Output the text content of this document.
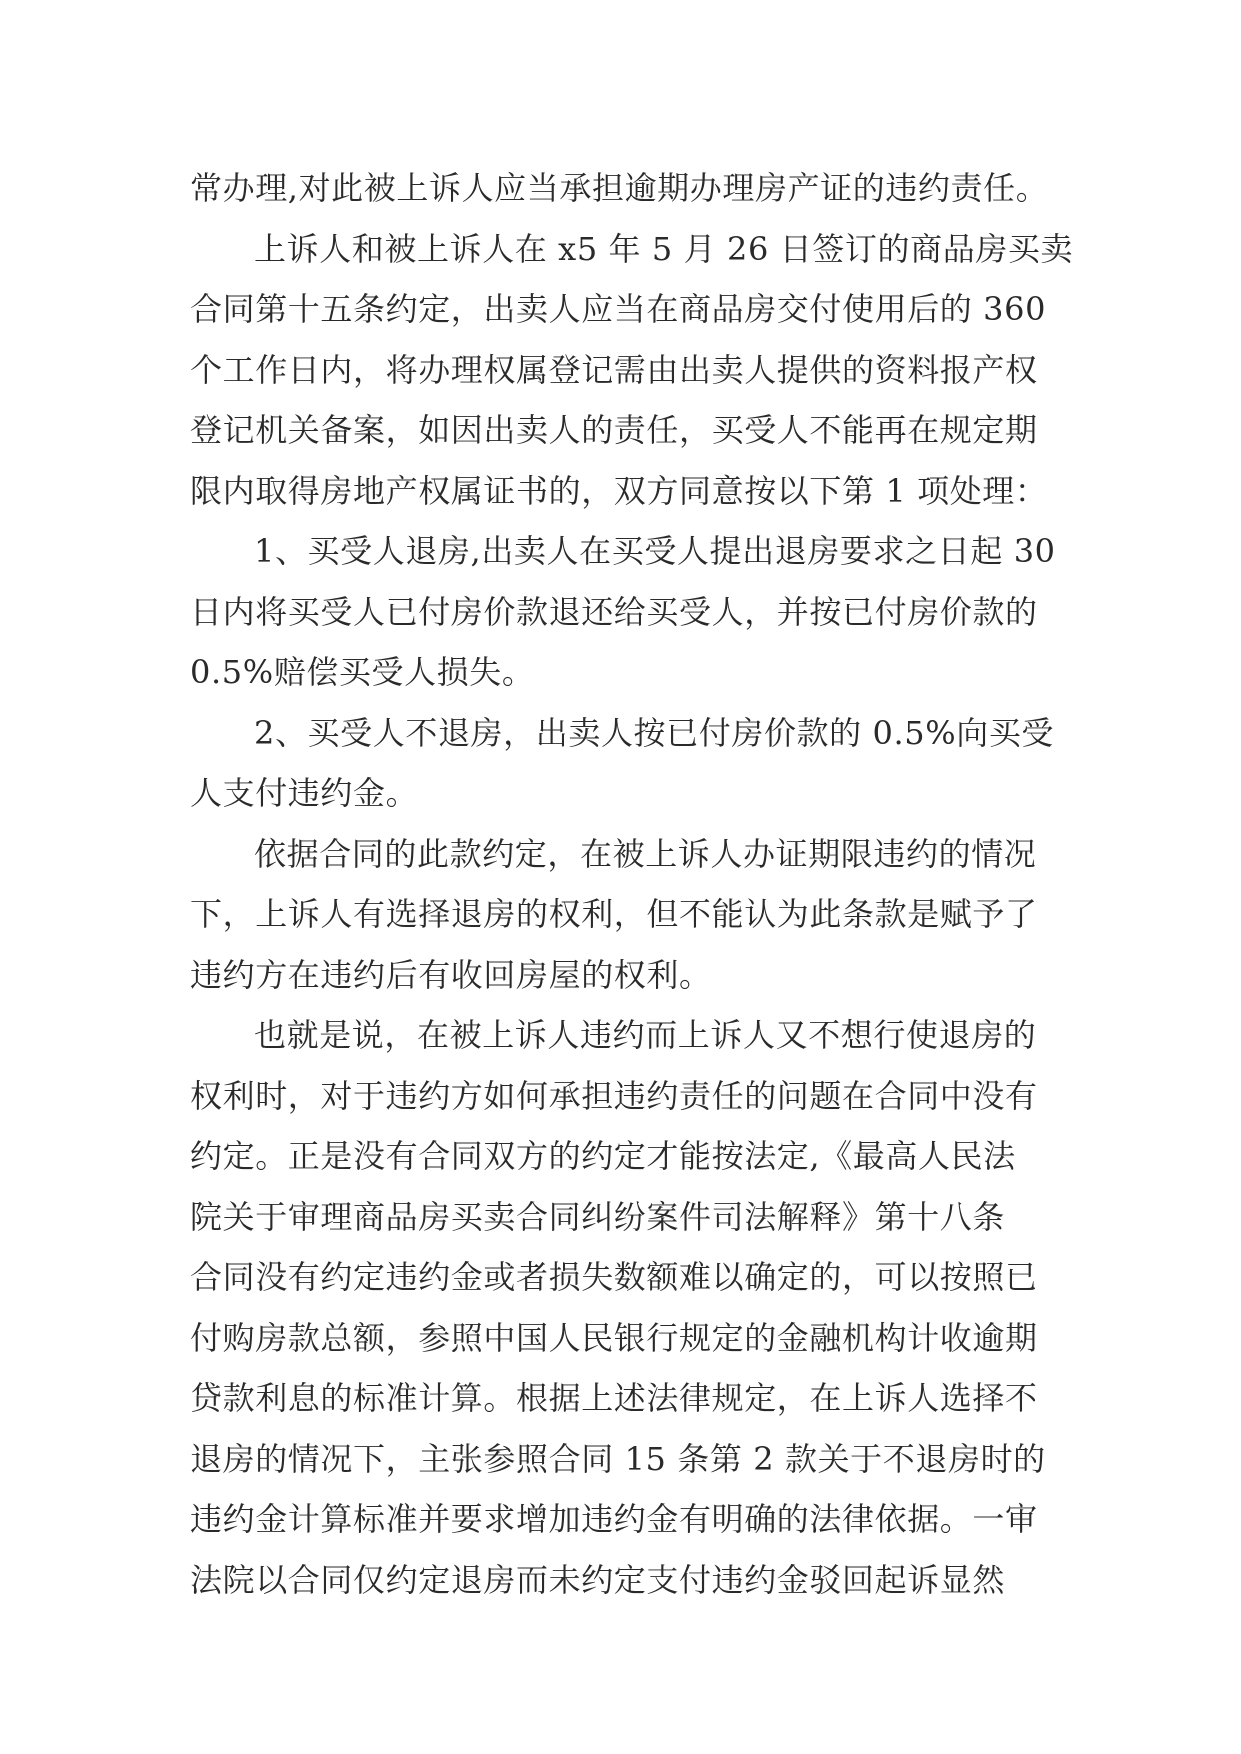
常办理,对此被上诉人应当承担逾期办理房产证的违约责任。

上诉人和被上诉人在 x5 年 5 月 26 日签订的商品房买卖

合同第十五条约定，出卖人应当在商品房交付使用后的 360

个工作日内，将办理权属登记需由出卖人提供的资料报产权

登记机关备案，如因出卖人的责任，买受人不能再在规定期

限内取得房地产权属证书的，双方同意按以下第 1 项处理：

1、买受人退房,出卖人在买受人提出退房要求之日起 30

日内将买受人已付房价款退还给买受人，并按已付房价款的

0.5%赔偿买受人损失。

2、买受人不退房，出卖人按已付房价款的 0.5%向买受

人支付违约金。

依据合同的此款约定，在被上诉人办证期限违约的情况

下，上诉人有选择退房的权利，但不能认为此条款是赋予了

违约方在违约后有收回房屋的权利。

也就是说，在被上诉人违约而上诉人又不想行使退房的

权利时，对于违约方如何承担违约责任的问题在合同中没有

约定。正是没有合同双方的约定才能按法定,《最高人民法

院关于审理商品房买卖合同纠纷案件司法解释》第十八条

合同没有约定违约金或者损失数额难以确定的，可以按照已

付购房款总额，参照中国人民银行规定的金融机构计收逾期

贷款利息的标准计算。根据上述法律规定，在上诉人选择不

退房的情况下，主张参照合同 15 条第 2 款关于不退房时的

违约金计算标准并要求增加违约金有明确的法律依据。一审

法院以合同仅约定退房而未约定支付违约金驳回起诉显然
